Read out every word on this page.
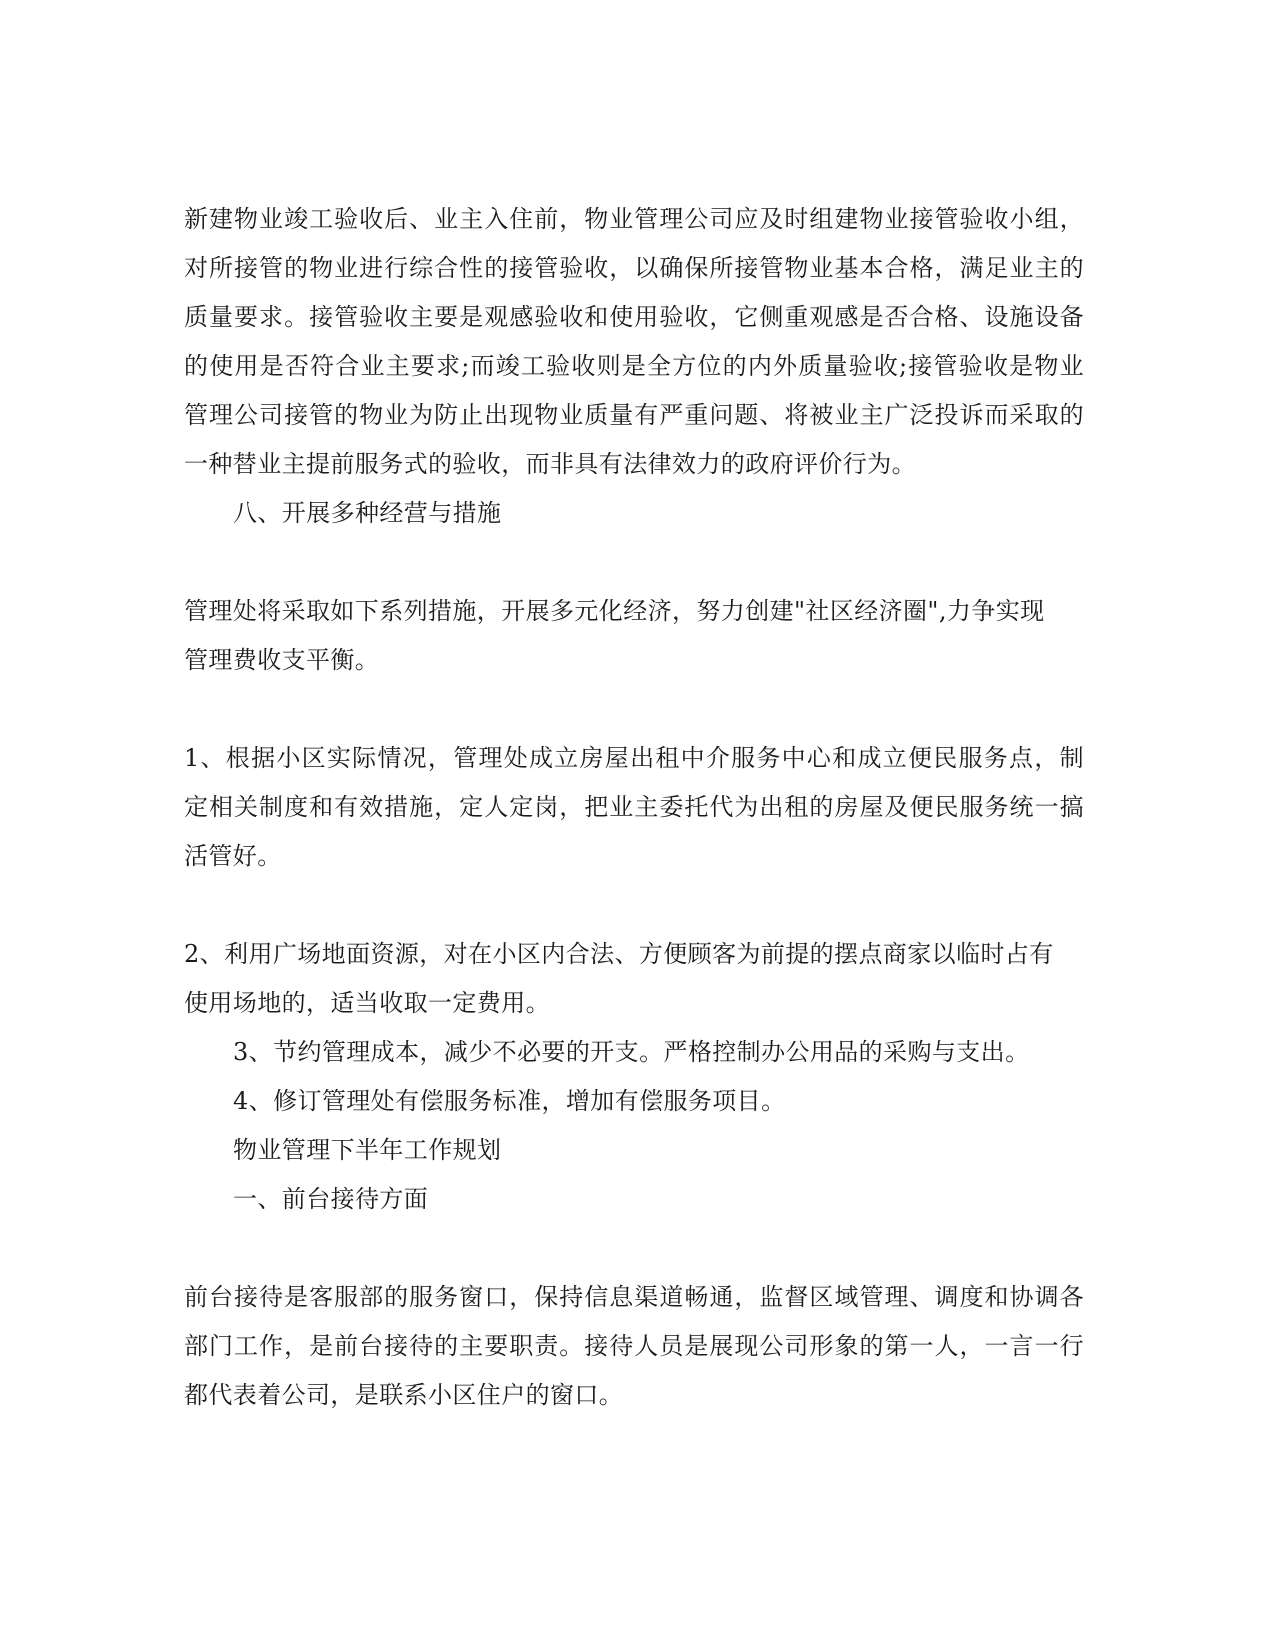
新建物业竣工验收后、业主入住前，物业管理公司应及时组建物业接管验收小组，
对所接管的物业进行综合性的接管验收，以确保所接管物业基本合格，满足业主的
质量要求。接管验收主要是观感验收和使用验收，它侧重观感是否合格、设施设备
的使用是否符合业主要求;而竣工验收则是全方位的内外质量验收;接管验收是物业
管理公司接管的物业为防止出现物业质量有严重问题、将被业主广泛投诉而采取的
一种替业主提前服务式的验收，而非具有法律效力的政府评价行为。
八、开展多种经营与措施
管理处将采取如下系列措施，开展多元化经济，努力创建"社区经济圈",力争实现
管理费收支平衡。
1、根据小区实际情况，管理处成立房屋出租中介服务中心和成立便民服务点，制
定相关制度和有效措施，定人定岗，把业主委托代为出租的房屋及便民服务统一搞
活管好。
2、利用广场地面资源，对在小区内合法、方便顾客为前提的摆点商家以临时占有
使用场地的，适当收取一定费用。
3、节约管理成本，减少不必要的开支。严格控制办公用品的采购与支出。
4、修订管理处有偿服务标准，增加有偿服务项目。
物业管理下半年工作规划
一、前台接待方面
前台接待是客服部的服务窗口，保持信息渠道畅通，监督区域管理、调度和协调各
部门工作，是前台接待的主要职责。接待人员是展现公司形象的第一人，一言一行
都代表着公司，是联系小区住户的窗口。
